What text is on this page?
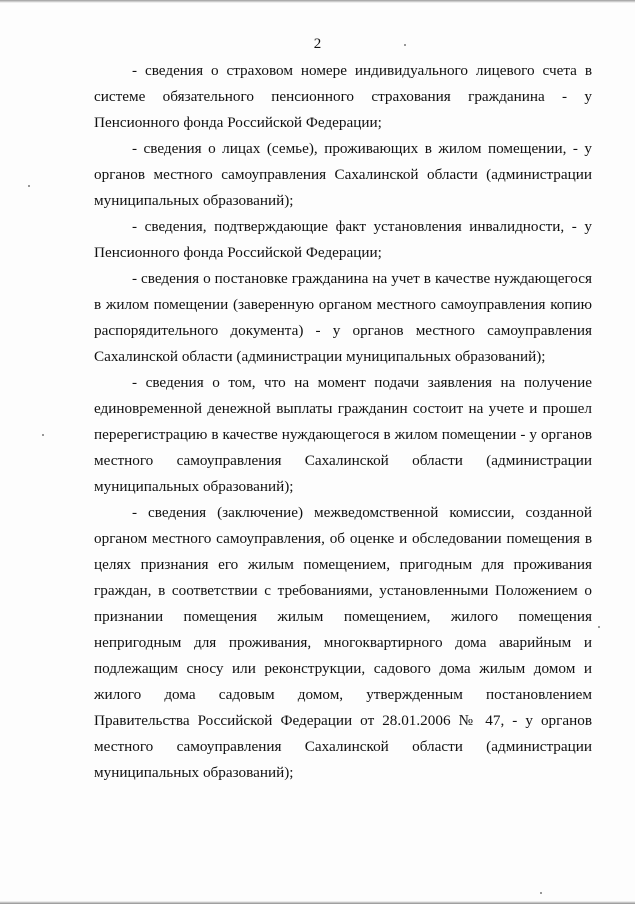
2

- сведения о страховом номере индивидуального лицевого счета в системе обязательного пенсионного страхования гражданина - у Пенсионного фонда Российской Федерации;

- сведения о лицах (семье), проживающих в жилом помещении, - у органов местного самоуправления Сахалинской области (администрации муниципальных образований);

- сведения, подтверждающие факт установления инвалидности, - у Пенсионного фонда Российской Федерации;

- сведения о постановке гражданина на учет в качестве нуждающегося в жилом помещении (заверенную органом местного самоуправления копию распорядительного документа) - у органов местного самоуправления Сахалинской области (администрации муниципальных образований);

- сведения о том, что на момент подачи заявления на получение единовременной денежной выплаты гражданин состоит на учете и прошел перерегистрацию в качестве нуждающегося в жилом помещении - у органов местного самоуправления Сахалинской области (администрации муниципальных образований);

- сведения (заключение) межведомственной комиссии, созданной органом местного самоуправления, об оценке и обследовании помещения в целях признания его жилым помещением, пригодным для проживания граждан, в соответствии с требованиями, установленными Положением о признании помещения жилым помещением, жилого помещения непригодным для проживания, многоквартирного дома аварийным и подлежащим сносу или реконструкции, садового дома жилым домом и жилого дома садовым домом, утвержденным постановлением Правительства Российской Федерации от 28.01.2006 № 47, - у органов местного самоуправления Сахалинской области (администрации муниципальных образований);
